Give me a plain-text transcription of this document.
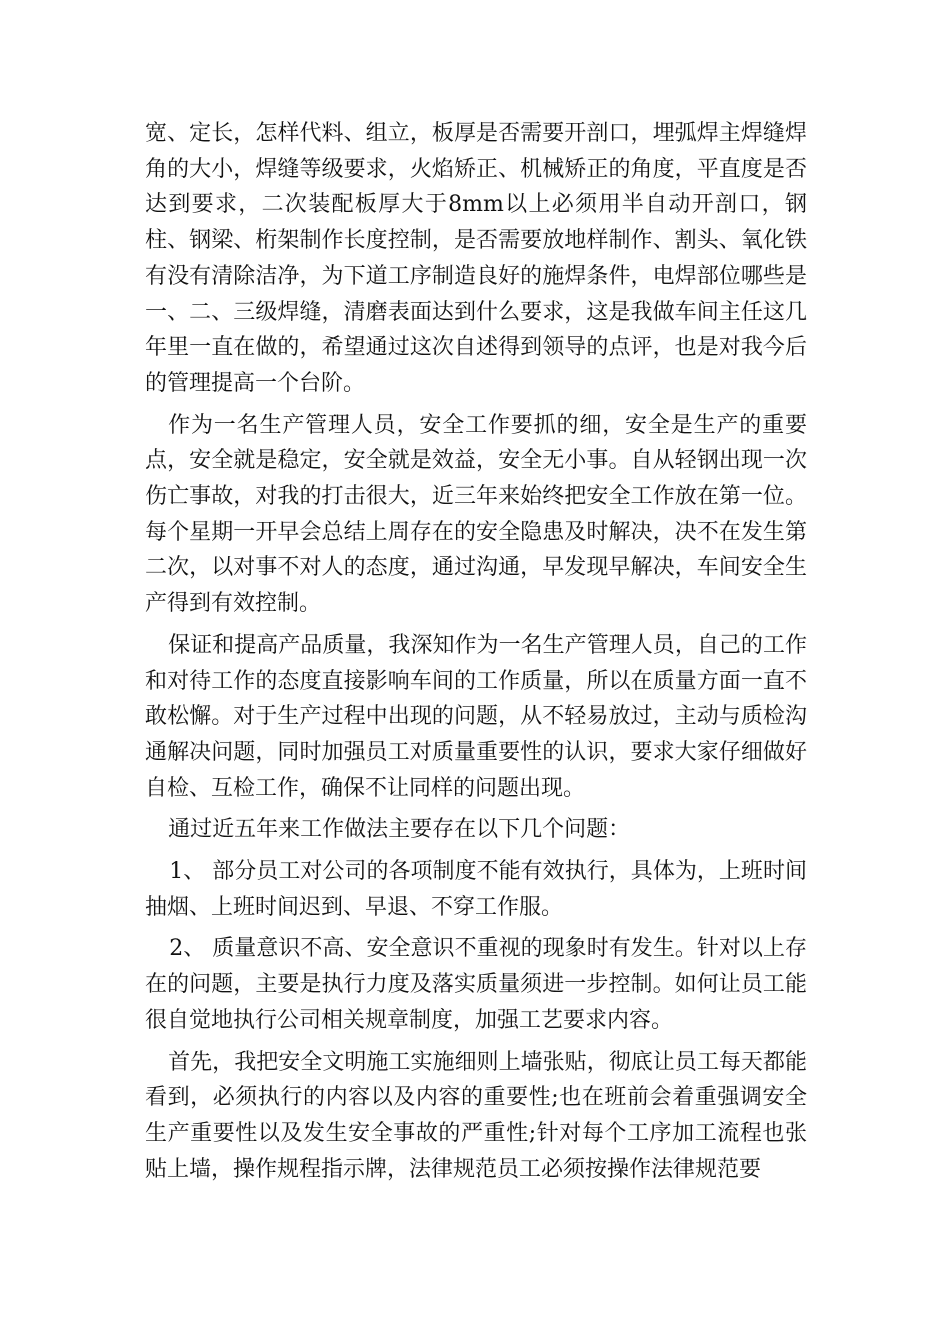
宽、定长，怎样代料、组立，板厚是否需要开剖口，埋弧焊主焊缝焊角的大小，焊缝等级要求，火焰矫正、机械矫正的角度，平直度是否达到要求，二次装配板厚大于8mm以上必须用半自动开剖口，钢柱、钢梁、桁架制作长度控制，是否需要放地样制作、割头、氧化铁有没有清除洁净，为下道工序制造良好的施焊条件，电焊部位哪些是一、二、三级焊缝，清磨表面达到什么要求，这是我做车间主任这几年里一直在做的，希望通过这次自述得到领导的点评，也是对我今后的管理提高一个台阶。

作为一名生产管理人员，安全工作要抓的细，安全是生产的重要点，安全就是稳定，安全就是效益，安全无小事。自从轻钢出现一次伤亡事故，对我的打击很大，近三年来始终把安全工作放在第一位。每个星期一开早会总结上周存在的安全隐患及时解决，决不在发生第二次，以对事不对人的态度，通过沟通，早发现早解决，车间安全生产得到有效控制。

保证和提高产品质量，我深知作为一名生产管理人员，自己的工作和对待工作的态度直接影响车间的工作质量，所以在质量方面一直不敢松懈。对于生产过程中出现的问题，从不轻易放过，主动与质检沟通解决问题，同时加强员工对质量重要性的认识，要求大家仔细做好自检、互检工作，确保不让同样的问题出现。

通过近五年来工作做法主要存在以下几个问题：

1、 部分员工对公司的各项制度不能有效执行，具体为，上班时间抽烟、上班时间迟到、早退、不穿工作服。

2、 质量意识不高、安全意识不重视的现象时有发生。针对以上存在的问题，主要是执行力度及落实质量须进一步控制。如何让员工能很自觉地执行公司相关规章制度，加强工艺要求内容。

首先，我把安全文明施工实施细则上墙张贴，彻底让员工每天都能看到，必须执行的内容以及内容的重要性;也在班前会着重强调安全生产重要性以及发生安全事故的严重性;针对每个工序加工流程也张贴上墙，操作规程指示牌，法律规范员工必须按操作法律规范要
